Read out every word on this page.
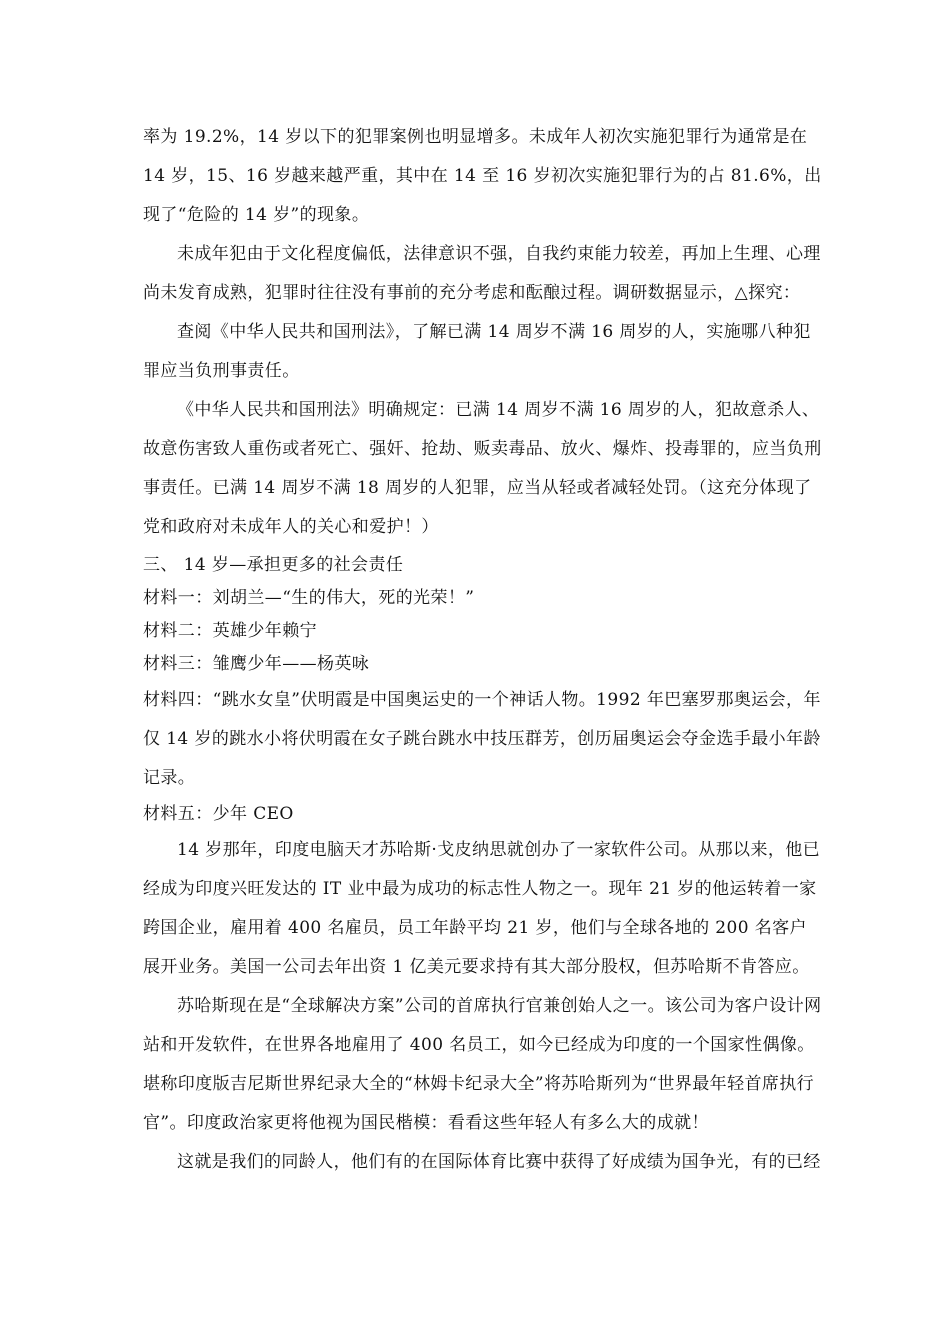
率为 19.2%，14 岁以下的犯罪案例也明显增多。未成年人初次实施犯罪行为通常是在 14 岁，15、16 岁越来越严重，其中在 14 至 16 岁初次实施犯罪行为的占 81.6%，出现了“危险的 14 岁”的现象。

未成年犯由于文化程度偏低，法律意识不强，自我约束能力较差，再加上生理、心理尚未发育成熟，犯罪时往往没有事前的充分考虑和酝酿过程。调研数据显示，△探究：

查阅《中华人民共和国刑法》，了解已满 14 周岁不满 16 周岁的人，实施哪八种犯罪应当负刑事责任。

《中华人民共和国刑法》明确规定：已满 14 周岁不满 16 周岁的人，犯故意杀人、故意伤害致人重伤或者死亡、强奸、抢劫、贩卖毒品、放火、爆炸、投毒罪的，应当负刑事责任。已满 14 周岁不满 18 周岁的人犯罪，应当从轻或者减轻处罚。（这充分体现了党和政府对未成年人的关心和爱护！）

三、 14 岁—承担更多的社会责任

材料一：刘胡兰—“生的伟大，死的光荣！”

材料二：英雄少年赖宁

材料三：雏鹰少年——杨英咏

材料四：“跳水女皇”伏明霞是中国奥运史的一个神话人物。1992 年巴塞罗那奥运会，年仅 14 岁的跳水小将伏明霞在女子跳台跳水中技压群芳，创历届奥运会夺金选手最小年龄记录。

材料五：少年 CEO

14 岁那年，印度电脑天才苏哈斯·戈皮纳思就创办了一家软件公司。从那以来，他已经成为印度兴旺发达的 IT 业中最为成功的标志性人物之一。现年 21 岁的他运转着一家跨国企业，雇用着 400 名雇员，员工年龄平均 21 岁，他们与全球各地的 200 名客户展开业务。美国一公司去年出资 1 亿美元要求持有其大部分股权，但苏哈斯不肯答应。

苏哈斯现在是“全球解决方案”公司的首席执行官兼创始人之一。该公司为客户设计网站和开发软件，在世界各地雇用了 400 名员工，如今已经成为印度的一个国家性偶像。堪称印度版吉尼斯世界纪录大全的“林姆卡纪录大全”将苏哈斯列为“世界最年轻首席执行官”。印度政治家更将他视为国民楷模：看看这些年轻人有多么大的成就！

这就是我们的同龄人，他们有的在国际体育比赛中获得了好成绩为国争光，有的已经
